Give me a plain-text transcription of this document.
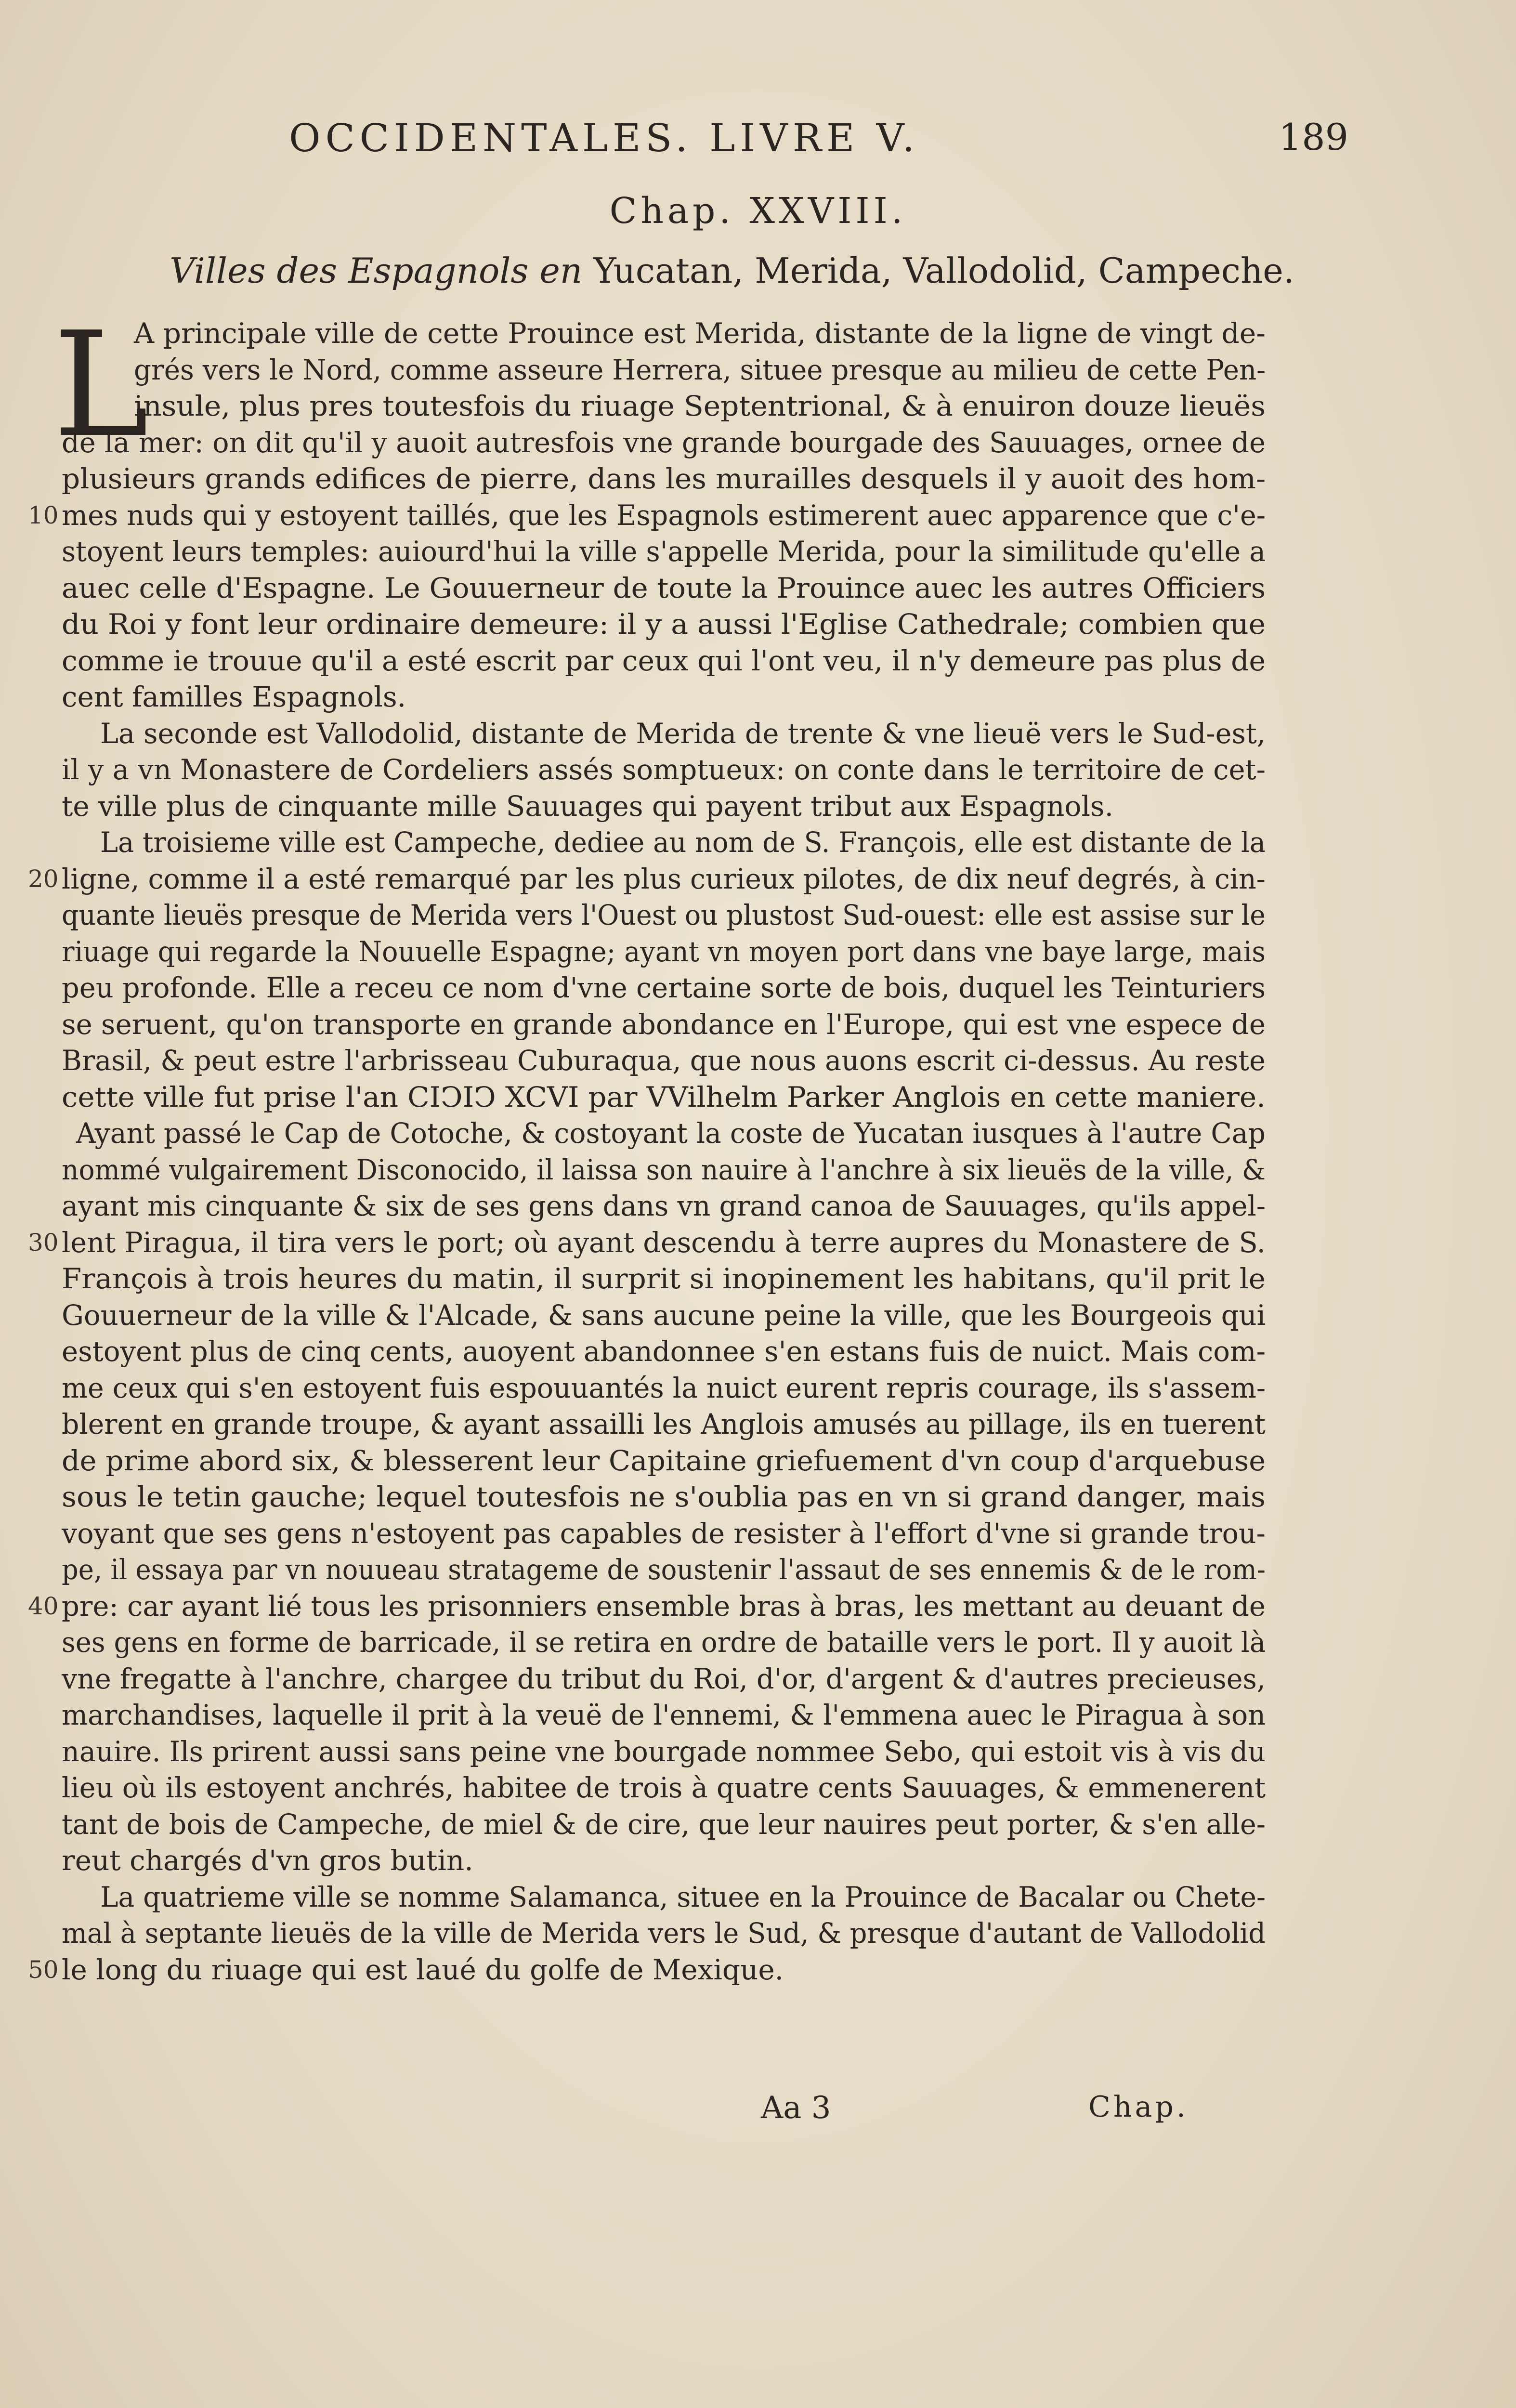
OCCIDENTALES. LIVRE V.	189
Chap. XXVIII.
Villes des Espagnols en Yucatan, Merida, Vallodolid, Campeche.
L
A principale ville de cette Prouince est Merida, distante de la ligne de vingt de-
grés vers le Nord, comme asseure Herrera, situee presque au milieu de cette Pen-
insule, plus pres toutesfois du riuage Septentrional, & à enuiron douze lieuës
de la mer: on dit qu'il y auoit autresfois vne grande bourgade des Sauuages, ornee de
plusieurs grands edifices de pierre, dans les murailles desquels il y auoit des hom-
mes nuds qui y estoyent taillés, que les Espagnols estimerent auec apparence que c'e-
10
stoyent leurs temples: auiourd'hui la ville s'appelle Merida, pour la similitude qu'elle a
auec celle d'Espagne. Le Gouuerneur de toute la Prouince auec les autres Officiers
du Roi y font leur ordinaire demeure: il y a aussi l'Eglise Cathedrale; combien que
comme ie trouue qu'il a esté escrit par ceux qui l'ont veu, il n'y demeure pas plus de
cent familles Espagnols.
La seconde est Vallodolid, distante de Merida de trente & vne lieuë vers le Sud-est,
il y a vn Monastere de Cordeliers assés somptueux: on conte dans le territoire de cet-
te ville plus de cinquante mille Sauuages qui payent tribut aux Espagnols.
La troisieme ville est Campeche, dediee au nom de S. François, elle est distante de la
ligne, comme il a esté remarqué par les plus curieux pilotes, de dix neuf degrés, à cin-
20
quante lieuës presque de Merida vers l'Ouest ou plustost Sud-ouest: elle est assise sur le
riuage qui regarde la Nouuelle Espagne; ayant vn moyen port dans vne baye large, mais
peu profonde. Elle a receu ce nom d'vne certaine sorte de bois, duquel les Teinturiers
se seruent, qu'on transporte en grande abondance en l'Europe, qui est vne espece de
Brasil, & peut estre l'arbrisseau Cuburaqua, que nous auons escrit ci-dessus. Au reste
cette ville fut prise l'an CIↃIↃ XCVI par VVilhelm Parker Anglois en cette maniere.
Ayant passé le Cap de Cotoche, & costoyant la coste de Yucatan iusques à l'autre Cap
nommé vulgairement Disconocido, il laissa son nauire à l'anchre à six lieuës de la ville, &
ayant mis cinquante & six de ses gens dans vn grand canoa de Sauuages, qu'ils appel-
lent Piragua, il tira vers le port; où ayant descendu à terre aupres du Monastere de S.
30
François à trois heures du matin, il surprit si inopinement les habitans, qu'il prit le
Gouuerneur de la ville & l'Alcade, & sans aucune peine la ville, que les Bourgeois qui
estoyent plus de cinq cents, auoyent abandonnee s'en estans fuis de nuict. Mais com-
me ceux qui s'en estoyent fuis espouuantés la nuict eurent repris courage, ils s'assem-
blerent en grande troupe, & ayant assailli les Anglois amusés au pillage, ils en tuerent
de prime abord six, & blesserent leur Capitaine griefuement d'vn coup d'arquebuse
sous le tetin gauche; lequel toutesfois ne s'oublia pas en vn si grand danger, mais
voyant que ses gens n'estoyent pas capables de resister à l'effort d'vne si grande trou-
pe, il essaya par vn nouueau stratageme de soustenir l'assaut de ses ennemis & de le rom-
pre: car ayant lié tous les prisonniers ensemble bras à bras, les mettant au deuant de
40
ses gens en forme de barricade, il se retira en ordre de bataille vers le port. Il y auoit là
vne fregatte à l'anchre, chargee du tribut du Roi, d'or, d'argent & d'autres precieuses,
marchandises, laquelle il prit à la veuë de l'ennemi, & l'emmena auec le Piragua à son
nauire. Ils prirent aussi sans peine vne bourgade nommee Sebo, qui estoit vis à vis du
lieu où ils estoyent anchrés, habitee de trois à quatre cents Sauuages, & emmenerent
tant de bois de Campeche, de miel & de cire, que leur nauires peut porter, & s'en alle-
reut chargés d'vn gros butin.
La quatrieme ville se nomme Salamanca, situee en la Prouince de Bacalar ou Chete-
mal à septante lieuës de la ville de Merida vers le Sud, & presque d'autant de Vallodolid
le long du riuage qui est laué du golfe de Mexique.
50
Aa 3	Chap.
